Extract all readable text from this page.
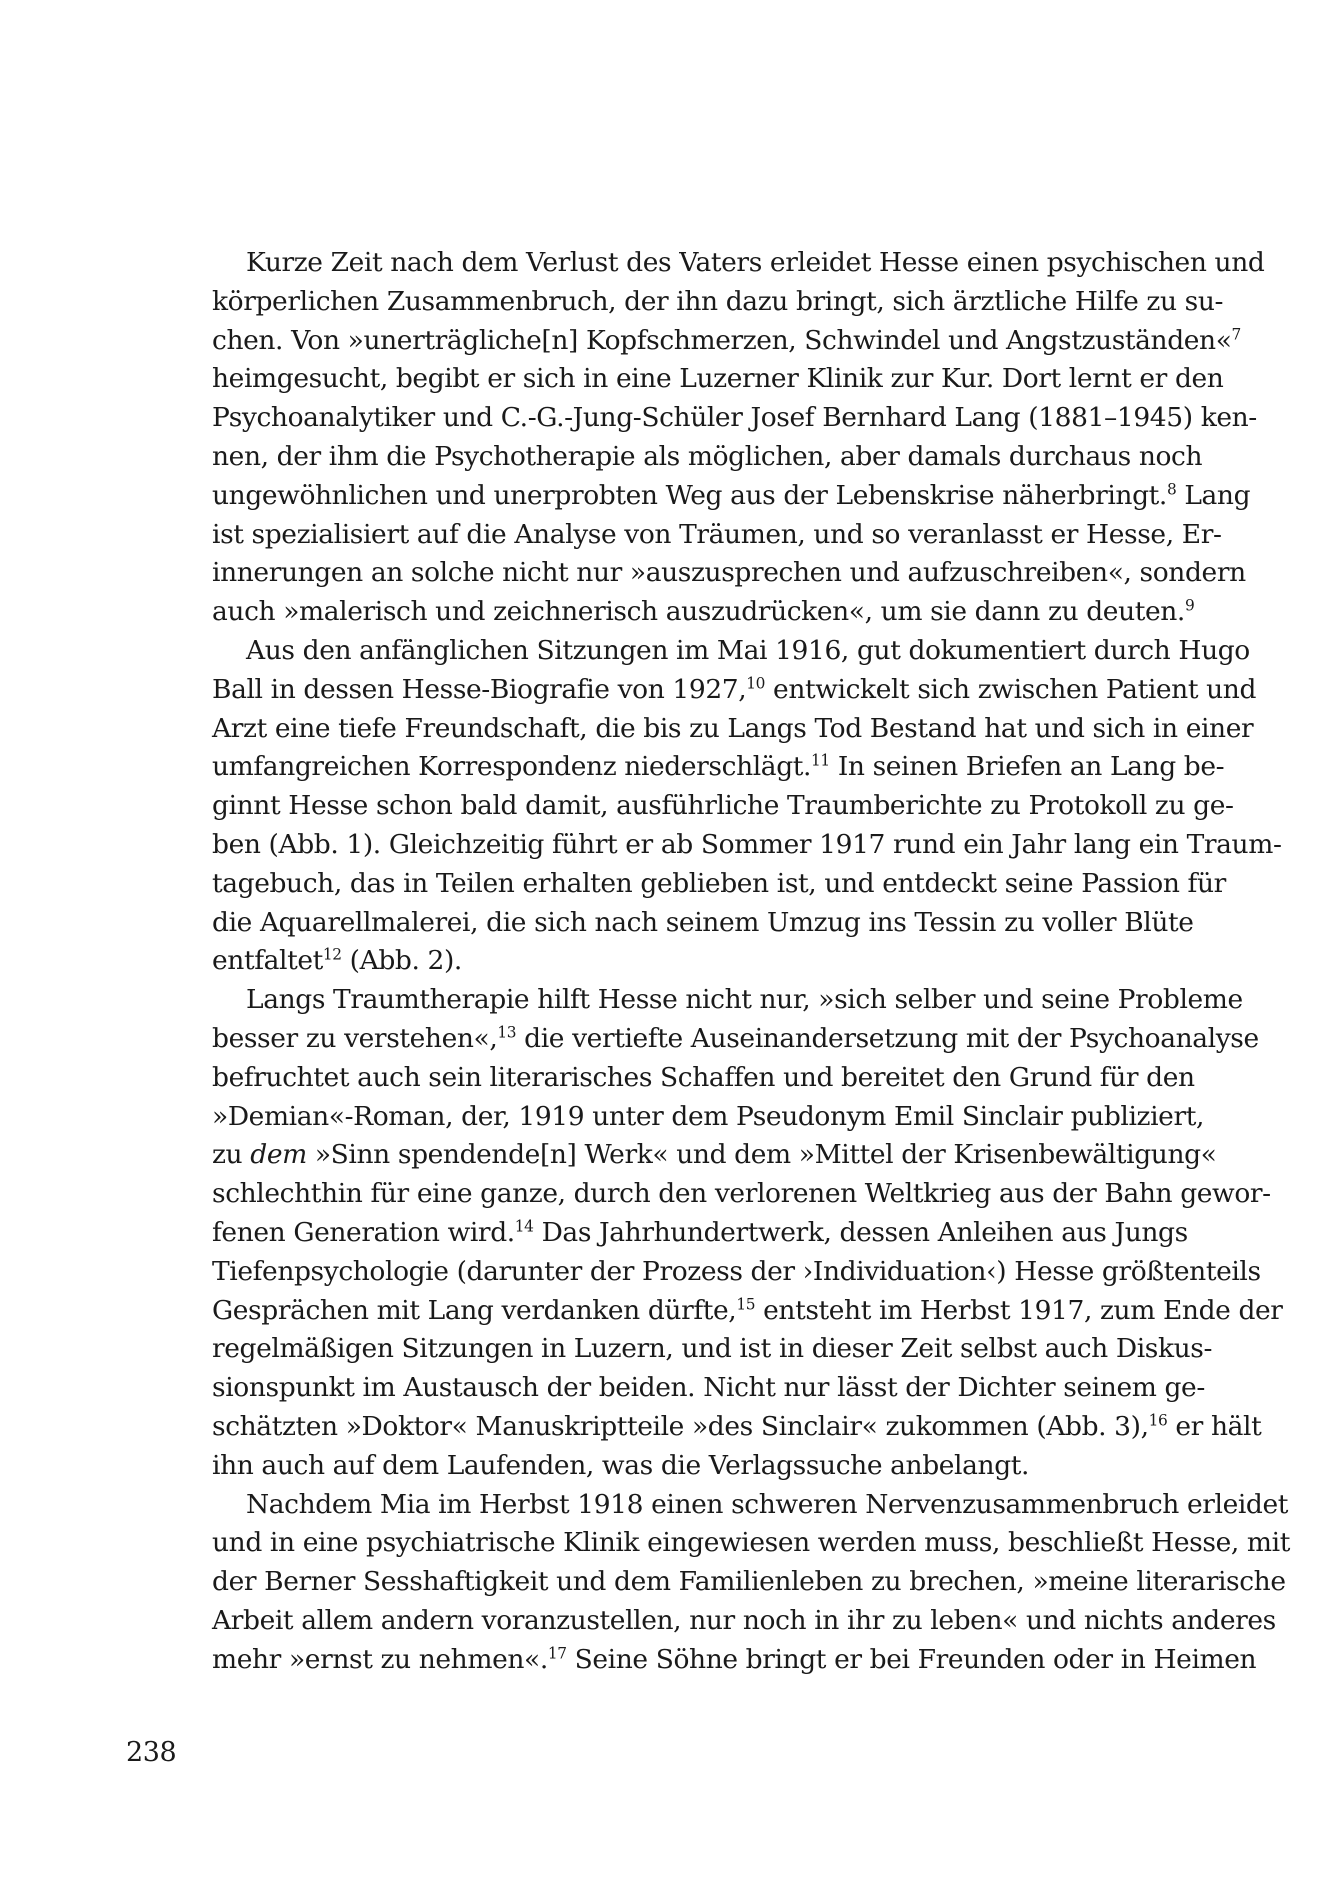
Kurze Zeit nach dem Verlust des Vaters erleidet Hesse einen psychischen und
körperlichen Zusammenbruch, der ihn dazu bringt, sich ärztliche Hilfe zu su-
chen. Von »unerträgliche[n] Kopfschmerzen, Schwindel und Angstzuständen«$^7$
heimgesucht, begibt er sich in eine Luzerner Klinik zur Kur. Dort lernt er den
Psychoanalytiker und C.-G.-Jung-Schüler Josef Bernhard Lang (1881–1945) ken-
nen, der ihm die Psychotherapie als möglichen, aber damals durchaus noch
ungewöhnlichen und unerprobten Weg aus der Lebenskrise näherbringt.$^8$ Lang
ist spezialisiert auf die Analyse von Träumen, und so veranlasst er Hesse, Er-
innerungen an solche nicht nur »auszusprechen und aufzuschreiben«, sondern
auch »malerisch und zeichnerisch auszudrücken«, um sie dann zu deuten.$^9$

Aus den anfänglichen Sitzungen im Mai 1916, gut dokumentiert durch Hugo
Ball in dessen Hesse-Biografie von 1927,10 entwickelt sich zwischen Patient und
Arzt eine tiefe Freundschaft, die bis zu Langs Tod Bestand hat und sich in einer
umfangreichen Korrespondenz niederschlägt.$^{11}$ In seinen Briefen an Lang be-
ginnt Hesse schon bald damit, ausführliche Traumberichte zu Protokoll zu ge-
ben (Abb. 1). Gleichzeitig führt er ab Sommer 1917 rund ein Jahr lang ein Traum-
tagebuch, das in Teilen erhalten geblieben ist, und entdeckt seine Passion für
die Aquarellmalerei, die sich nach seinem Umzug ins Tessin zu voller Blüte
entfaltet$^{12}$ (Abb. 2).

Langs Traumtherapie hilft Hesse nicht nur, »sich selber und seine Probleme
besser zu verstehen«,$^{13}$ die vertiefte Auseinandersetzung mit der Psychoanalyse
befruchtet auch sein literarisches Schaffen und bereitet den Grund für den
»Demian«-Roman, der, 1919 unter dem Pseudonym Emil Sinclair publiziert,
zu dem »Sinn spendende[n] Werk« und dem »Mittel der Krisenbewältigung«
schlechthin für eine ganze, durch den verlorenen Weltkrieg aus der Bahn gewor-
fenen Generation wird.$^{14}$ Das Jahrhundertwerk, dessen Anleihen aus Jungs
Tiefenpsychologie (darunter der Prozess der ›Individuation‹) Hesse größtenteils
Gesprächen mit Lang verdanken dürfte,$^{15}$ entsteht im Herbst 1917, zum Ende der
regelmäßigen Sitzungen in Luzern, und ist in dieser Zeit selbst auch Diskus-
sionspunkt im Austausch der beiden. Nicht nur lässt der Dichter seinem ge-
schätzten »Doktor« Manuskriptteile »des Sinclair« zukommen (Abb. 3),$^{16}$ er hält
ihn auch auf dem Laufenden, was die Verlagssuche anbelangt.

Nachdem Mia im Herbst 1918 einen schweren Nervenzusammenbruch erleidet
und in eine psychiatrische Klinik eingewiesen werden muss, beschließt Hesse, mit
der Berner Sesshaftigkeit und dem Familienleben zu brechen, »meine literarische
Arbeit allem andern voranzustellen, nur noch in ihr zu leben« und nichts anderes
mehr »ernst zu nehmen«.$^{17}$ Seine Söhne bringt er bei Freunden oder in Heimen

238
